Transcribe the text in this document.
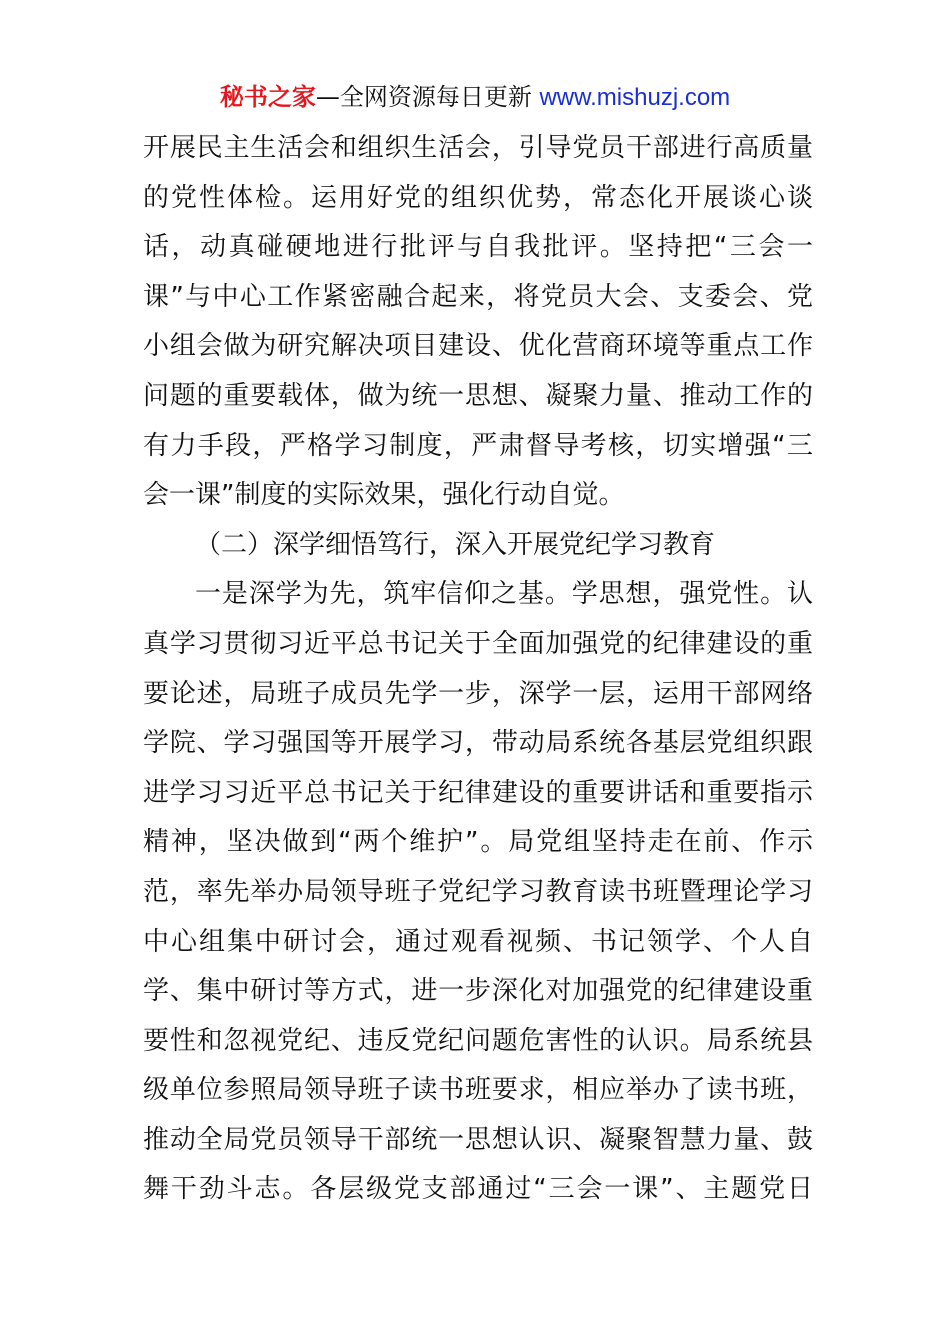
秘书之家—全网资源每日更新 www.mishuzj.com
开展民主生活会和组织生活会，引导党员干部进行高质量
的党性体检。运用好党的组织优势，常态化开展谈心谈
话，动真碰硬地进行批评与自我批评。坚持把“三会一
课”与中心工作紧密融合起来，将党员大会、支委会、党
小组会做为研究解决项目建设、优化营商环境等重点工作
问题的重要载体，做为统一思想、凝聚力量、推动工作的
有力手段，严格学习制度，严肃督导考核，切实增强“三
会一课”制度的实际效果，强化行动自觉。
（二）深学细悟笃行，深入开展党纪学习教育
一是深学为先，筑牢信仰之基。学思想，强党性。认
真学习贯彻习近平总书记关于全面加强党的纪律建设的重
要论述，局班子成员先学一步，深学一层，运用干部网络
学院、学习强国等开展学习，带动局系统各基层党组织跟
进学习习近平总书记关于纪律建设的重要讲话和重要指示
精神，坚决做到“两个维护”。局党组坚持走在前、作示
范，率先举办局领导班子党纪学习教育读书班暨理论学习
中心组集中研讨会，通过观看视频、书记领学、个人自
学、集中研讨等方式，进一步深化对加强党的纪律建设重
要性和忽视党纪、违反党纪问题危害性的认识。局系统县
级单位参照局领导班子读书班要求，相应举办了读书班，
推动全局党员领导干部统一思想认识、凝聚智慧力量、鼓
舞干劲斗志。各层级党支部通过“三会一课”、主题党日
